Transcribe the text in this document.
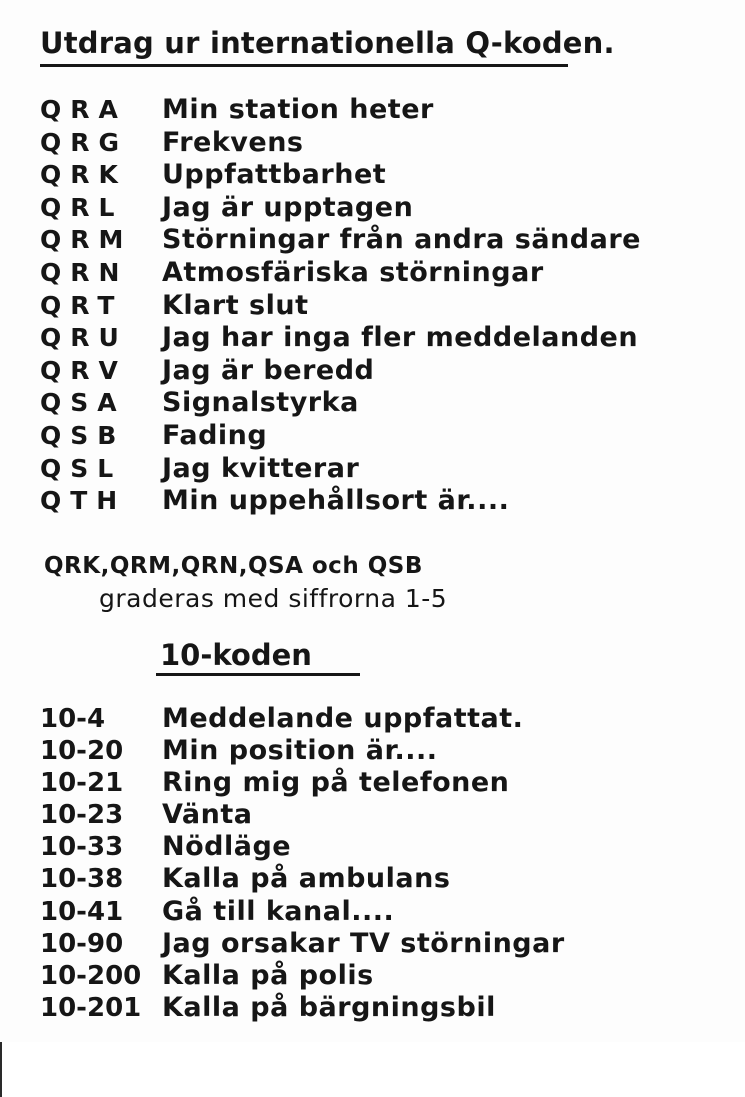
Utdrag ur internationella Q-koden.
QRA	Min station heter
QRG	Frekvens
QRK	Uppfattbarhet
QRL	Jag är upptagen
QRM	Störningar från andra sändare
QRN	Atmosfäriska störningar
QRT	Klart slut
QRU	Jag har inga fler meddelanden
QRV	Jag är beredd
QSA	Signalstyrka
QSB	Fading
QSL	Jag kvitterar
QTH	Min uppehållsort är....
QRK,QRM,QRN,QSA och QSB
graderas med siffrorna 1-5
10-koden
10-4	Meddelande uppfattat.
10-20	Min position är....
10-21	Ring mig på telefonen
10-23	Vänta
10-33	Nödläge
10-38	Kalla på ambulans
10-41	Gå till kanal....
10-90	Jag orsakar TV störningar
10-200 Kalla på polis
10-201 Kalla på bärgningsbil
